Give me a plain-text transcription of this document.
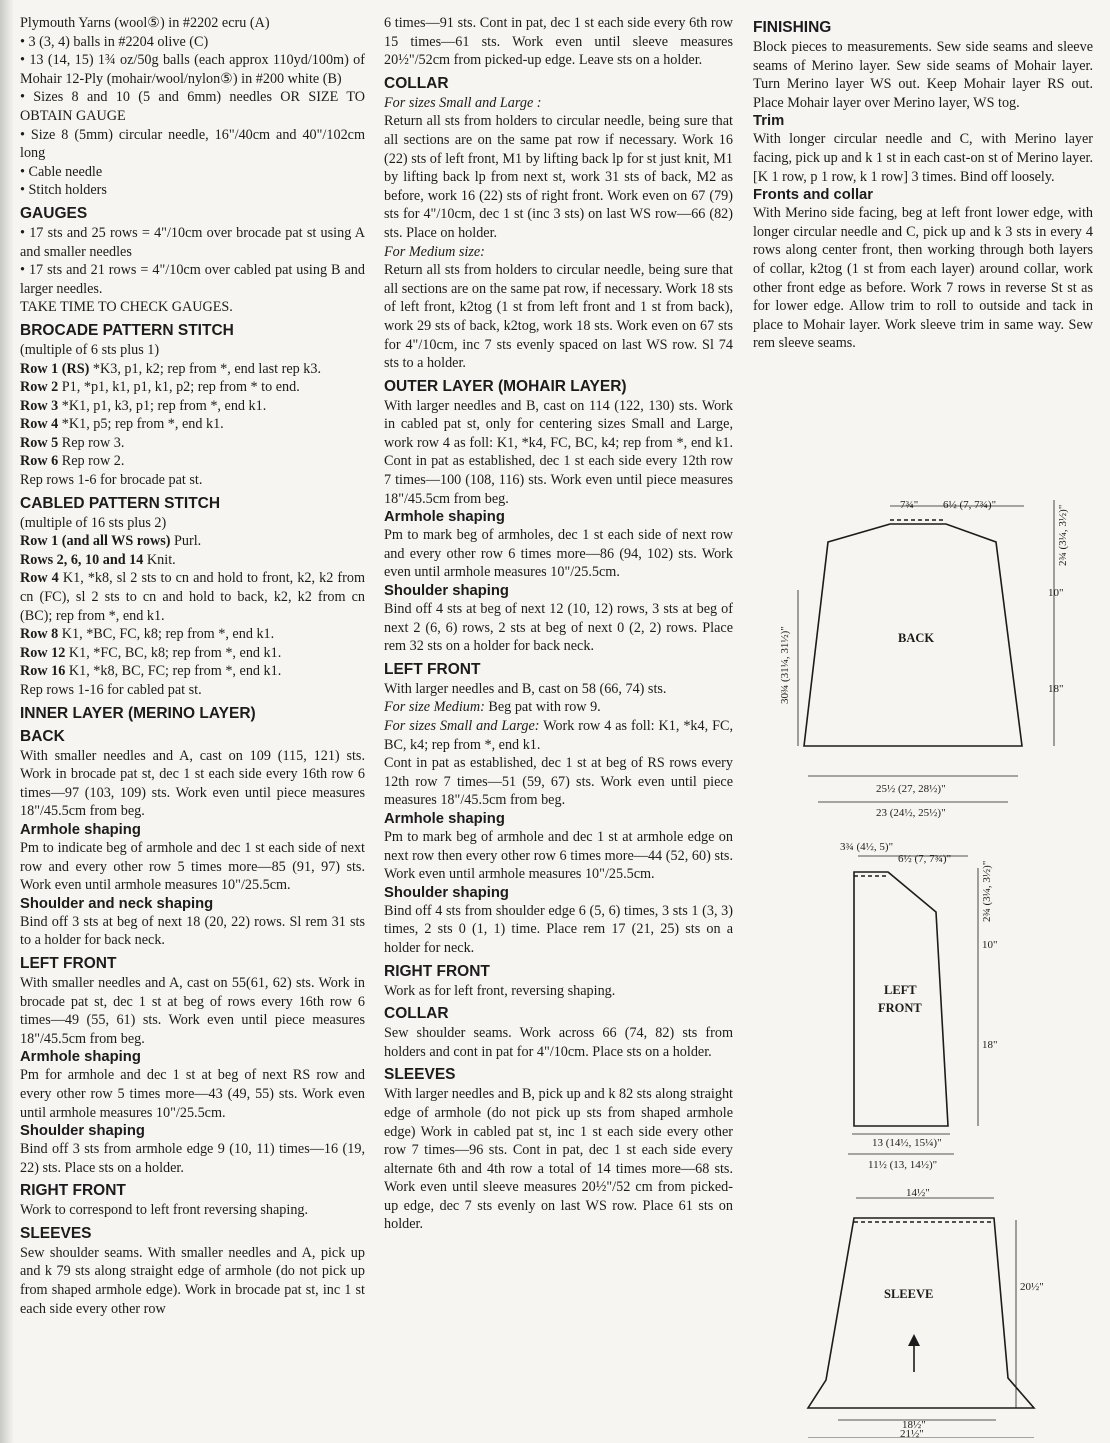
Plymouth Yarns (wool⑤) in #2202 ecru (A)

• 3 (3, 4) balls in #2204 olive (C)

• 13 (14, 15) 1¾ oz/50g balls (each approx 110yd/100m) of Mohair 12-Ply (mohair/wool/nylon⑤) in #200 white (B)

• Sizes 8 and 10 (5 and 6mm) needles OR SIZE TO OBTAIN GAUGE

• Size 8 (5mm) circular needle, 16"/40cm and 40"/102cm long

• Cable needle

• Stitch holders

GAUGES

• 17 sts and 25 rows = 4"/10cm over brocade pat st using A and smaller needles

• 17 sts and 21 rows = 4"/10cm over cabled pat using B and larger needles.

TAKE TIME TO CHECK GAUGES.

BROCADE PATTERN STITCH

(multiple of 6 sts plus 1)

Row 1 (RS) *K3, p1, k2; rep from *, end last rep k3.

Row 2 P1, *p1, k1, p1, k1, p2; rep from * to end.

Row 3 *K1, p1, k3, p1; rep from *, end k1.

Row 4 *K1, p5; rep from *, end k1.

Row 5 Rep row 3.

Row 6 Rep row 2.

Rep rows 1-6 for brocade pat st.

CABLED PATTERN STITCH

(multiple of 16 sts plus 2)

Row 1 (and all WS rows) Purl.

Rows 2, 6, 10 and 14 Knit.

Row 4 K1, *k8, sl 2 sts to cn and hold to front, k2, k2 from cn (FC), sl 2 sts to cn and hold to back, k2, k2 from cn (BC); rep from *, end k1.

Row 8 K1, *BC, FC, k8; rep from *, end k1.

Row 12 K1, *FC, BC, k8; rep from *, end k1.

Row 16 K1, *k8, BC, FC; rep from *, end k1.

Rep rows 1-16 for cabled pat st.

INNER LAYER (MERINO LAYER)
BACK

With smaller needles and A, cast on 109 (115, 121) sts. Work in brocade pat st, dec 1 st each side every 16th row 6 times—97 (103, 109) sts. Work even until piece measures 18"/45.5cm from beg.

Armhole shaping

Pm to indicate beg of armhole and dec 1 st each side of next row and every other row 5 times more—85 (91, 97) sts. Work even until armhole measures 10"/25.5cm.

Shoulder and neck shaping

Bind off 3 sts at beg of next 18 (20, 22) rows. Sl rem 31 sts to a holder for back neck.

LEFT FRONT

With smaller needles and A, cast on 55(61, 62) sts. Work in brocade pat st, dec 1 st at beg of rows every 16th row 6 times—49 (55, 61) sts. Work even until piece measures 18"/45.5cm from beg.

Armhole shaping

Pm for armhole and dec 1 st at beg of next RS row and every other row 5 times more—43 (49, 55) sts. Work even until armhole measures 10"/25.5cm.

Shoulder shaping

Bind off 3 sts from armhole edge 9 (10, 11) times—16 (19, 22) sts. Place sts on a holder.

RIGHT FRONT

Work to correspond to left front reversing shaping.

SLEEVES

Sew shoulder seams. With smaller needles and A, pick up and k 79 sts along straight edge of armhole (do not pick up from shaped armhole edge). Work in brocade pat st, inc 1 st each side every other row

6 times—91 sts. Cont in pat, dec 1 st each side every 6th row 15 times—61 sts. Work even until sleeve measures 20½"/52cm from picked-up edge. Leave sts on a holder.

COLLAR

For sizes Small and Large :

Return all sts from holders to circular needle, being sure that all sections are on the same pat row if necessary. Work 16 (22) sts of left front, M1 by lifting back lp for st just knit, M1 by lifting back lp from next st, work 31 sts of back, M2 as before, work 16 (22) sts of right front. Work even on 67 (79) sts for 4"/10cm, dec 1 st (inc 3 sts) on last WS row—66 (82) sts. Place on holder.

For Medium size:

Return all sts from holders to circular needle, being sure that all sections are on the same pat row, if necessary. Work 18 sts of left front, k2tog (1 st from left front and 1 st from back), work 29 sts of back, k2tog, work 18 sts. Work even on 67 sts for 4"/10cm, inc 7 sts evenly spaced on last WS row. Sl 74 sts to a holder.

OUTER LAYER (MOHAIR LAYER)

With larger needles and B, cast on 114 (122, 130) sts. Work in cabled pat st, only for centering sizes Small and Large, work row 4 as foll: K1, *k4, FC, BC, k4; rep from *, end k1. Cont in pat as established, dec 1 st each side every 12th row 7 times—100 (108, 116) sts. Work even until piece measures 18"/45.5cm from beg.

Armhole shaping

Pm to mark beg of armholes, dec 1 st each side of next row and every other row 6 times more—86 (94, 102) sts. Work even until armhole measures 10"/25.5cm.

Shoulder shaping

Bind off 4 sts at beg of next 12 (10, 12) rows, 3 sts at beg of next 2 (6, 6) rows, 2 sts at beg of next 0 (2, 2) rows. Place rem 32 sts on a holder for back neck.

LEFT FRONT

With larger needles and B, cast on 58 (66, 74) sts.

For size Medium: Beg pat with row 9.

For sizes Small and Large: Work row 4 as foll: K1, *k4, FC, BC, k4; rep from *, end k1.

Cont in pat as established, dec 1 st at beg of RS rows every 12th row 7 times—51 (59, 67) sts. Work even until piece measures 18"/45.5cm from beg.

Armhole shaping

Pm to mark beg of armhole and dec 1 st at armhole edge on next row then every other row 6 times more—44 (52, 60) sts. Work even until armhole measures 10"/25.5cm.

Shoulder shaping

Bind off 4 sts from shoulder edge 6 (5, 6) times, 3 sts 1 (3, 3) times, 2 sts 0 (1, 1) time. Place rem 17 (21, 25) sts on a holder for neck.

RIGHT FRONT

Work as for left front, reversing shaping.

COLLAR

Sew shoulder seams. Work across 66 (74, 82) sts from holders and cont in pat for 4"/10cm. Place sts on a holder.

SLEEVES

With larger needles and B, pick up and k 82 sts along straight edge of armhole (do not pick up sts from shaped armhole edge) Work in cabled pat st, inc 1 st each side every other row 7 times—96 sts. Cont in pat, dec 1 st each side every alternate 6th and 4th row a total of 14 times more—68 sts. Work even until sleeve measures 20½"/52 cm from picked-up edge, dec 7 sts evenly on last WS row. Place 61 sts on holder.

FINISHING

Block pieces to measurements. Sew side seams and sleeve seams of Merino layer. Sew side seams of Mohair layer. Turn Merino layer WS out. Keep Mohair layer RS out. Place Mohair layer over Merino layer, WS tog.

Trim

With longer circular needle and C, with Merino layer facing, pick up and k 1 st in each cast-on st of Merino layer. [K 1 row, p 1 row, k 1 row] 3 times. Bind off loosely.

Fronts and collar

With Merino side facing, beg at left front lower edge, with longer circular needle and C, pick up and k 3 sts in every 4 rows along center front, then working through both layers of collar, k2tog (1 st from each layer) around collar, work other front edge as before. Work 7 rows in reverse St st as for lower edge. Allow trim to roll to outside and tack in place to Mohair layer. Work sleeve trim in same way. Sew rem sleeve seams.

BACK
7¾" 6½ (7, 7¾)"	2¾ (3¼, 3½)"
10"
18"
30¾ (31¼, 31½)"
25½ (27, 28½)"
23 (24½, 25½)"
LEFT
FRONT
3¾ (4½, 5)"
6½ (7, 7¾)"
2¾ (3¼, 3½)"
10"
18"
13 (14½, 15¼)"
11½ (13, 14½)"
SLEEVE
14½"
20½"
18½"
21½"
